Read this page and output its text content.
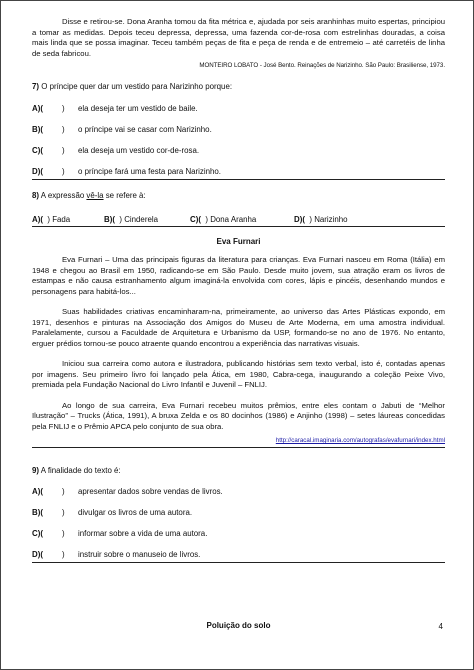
Disse e retirou-se. Dona Aranha tomou da fita métrica e, ajudada por seis aranhinhas muito espertas, principiou a tomar as medidas. Depois teceu depressa, depressa, uma fazenda cor-de-rosa com estrelinhas douradas, a coisa mais linda que se possa imaginar. Teceu também peças de fita e peça de renda e de entremeio – até carretéis de linha de seda fabricou.

MONTEIRO LOBATO - José Bento. Reinações de Narizinho. São Paulo: Brasiliense, 1973.

7) O príncipe quer dar um vestido para Narizinho porque:

A)(	)	ela deseja ter um vestido de baile.
B)(	)	o príncipe vai se casar com Narizinho.
C)(	)	ela deseja um vestido cor-de-rosa.
D)(	)	o príncipe fará uma festa para Narizinho.

8) A expressão vê-la se refere à:

A)( ) Fada	B)( ) Cinderela	C)( ) Dona Aranha	D)( ) Narizinho

Eva Furnari

Eva Furnari – Uma das principais figuras da literatura para crianças. Eva Furnari nasceu em Roma (Itália) em 1948 e chegou ao Brasil em 1950, radicando-se em São Paulo. Desde muito jovem, sua atração eram os livros de estampas e não causa estranhamento algum imaginá-la envolvida com cores, lápis e pincéis, desenhando mundos e personagens para habitá-los...

Suas habilidades criativas encaminharam-na, primeiramente, ao universo das Artes Plásticas expondo, em 1971, desenhos e pinturas na Associação dos Amigos do Museu de Arte Moderna, em uma amostra individual. Paralelamente, cursou a Faculdade de Arquitetura e Urbanismo da USP, formando-se no ano de 1976. No entanto, erguer prédios tornou-se pouco atraente quando encontrou a experiência das narrativas visuais.

Iniciou sua carreira como autora e ilustradora, publicando histórias sem texto verbal, isto é, contadas apenas por imagens. Seu primeiro livro foi lançado pela Ática, em 1980, Cabra-cega, inaugurando a coleção Peixe Vivo, premiada pela Fundação Nacional do Livro Infantil e Juvenil – FNLIJ.

Ao longo de sua carreira, Eva Furnari recebeu muitos prêmios, entre eles contam o Jabuti de “Melhor Ilustração” – Trucks (Ática, 1991), A bruxa Zelda e os 80 docinhos (1986) e Anjinho (1998) – setes láureas concedidas pela FNLIJ e o Prêmio APCA pelo conjunto de sua obra.

http://caracal.imaginaria.com/autografas/evafurnari/index.html

9) A finalidade do texto é:

A)(	)	apresentar dados sobre vendas de livros.
B)(	)	divulgar os livros de uma autora.
C)(	)	informar sobre a vida de uma autora.
D)(	)	instruir sobre o manuseio de livros.

Poluição do solo	4
